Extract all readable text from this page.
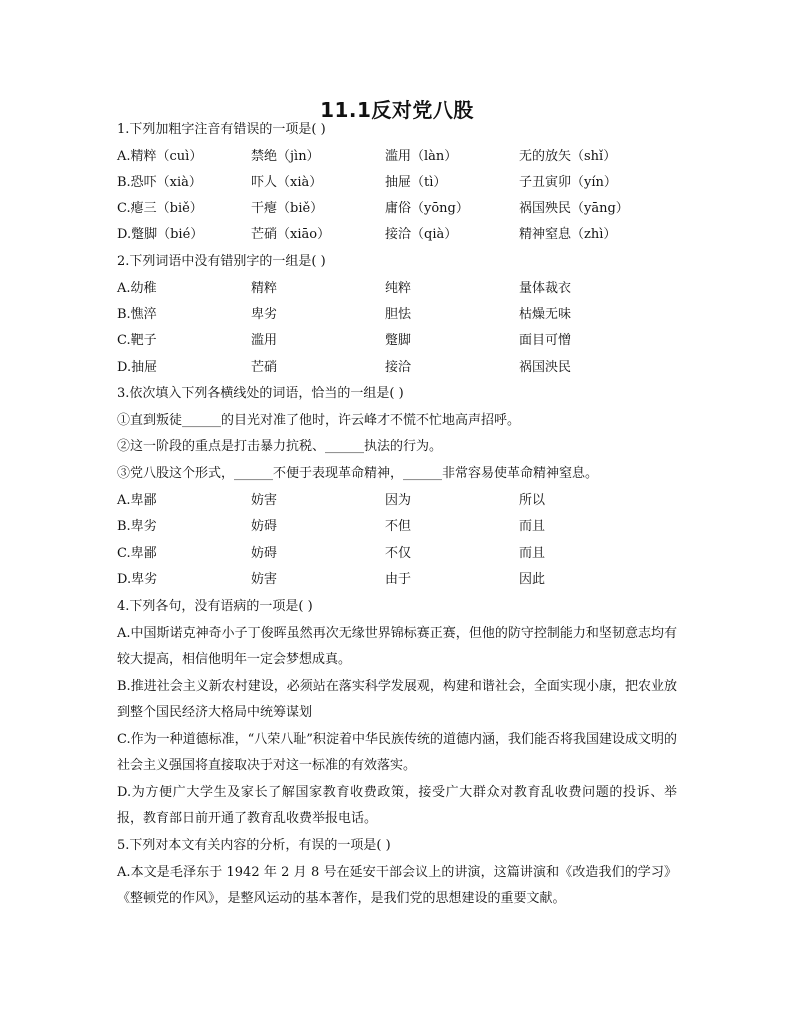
11.1反对党八股
1.下列加粗字注音有错误的一项是( )
A.精粹（cuì）	禁绝（jìn）	滥用（làn）	无的放矢（shǐ）
B.恐吓（xià）	吓人（xià）	抽屉（tì）	子丑寅卯（yín）
C.瘪三（biě）	干瘪（biě）	庸俗（yōng）	祸国殃民（yāng）
D.蹩脚（bié）	芒硝（xiāo）	接洽（qià）	精神窒息（zhì）
2.下列词语中没有错别字的一组是( )
A.幼稚	精粹	纯粹	量体裁衣
B.憔淬	卑劣	胆怯	枯燥无味
C.靶子	滥用	蹩脚	面目可憎
D.抽屉	芒硝	接洽	祸国泱民
3.依次填入下列各横线处的词语，恰当的一组是( )
①直到叛徒______的目光对准了他时，许云峰才不慌不忙地高声招呼。
②这一阶段的重点是打击暴力抗税、______执法的行为。
③党八股这个形式，______不便于表现革命精神，______非常容易使革命精神窒息。
A.卑鄙	妨害	因为	所以
B.卑劣	妨碍	不但	而且
C.卑鄙	妨碍	不仅	而且
D.卑劣	妨害	由于	因此
4.下列各句，没有语病的一项是( )
A.中国斯诺克神奇小子丁俊晖虽然再次无缘世界锦标赛正赛，但他的防守控制能力和坚韧意志均有较大提高，相信他明年一定会梦想成真。
B.推进社会主义新农村建设，必须站在落实科学发展观，构建和谐社会，全面实现小康，把农业放到整个国民经济大格局中统筹谋划
C.作为一种道德标准，“八荣八耻”积淀着中华民族传统的道德内涵，我们能否将我国建设成文明的社会主义强国将直接取决于对这一标准的有效落实。
D.为方便广大学生及家长了解国家教育收费政策，接受广大群众对教育乱收费问题的投诉、举报，教育部日前开通了教育乱收费举报电话。
5.下列对本文有关内容的分析，有误的一项是( )
A.本文是毛泽东于 1942 年 2 月 8 号在延安干部会议上的讲演，这篇讲演和《改造我们的学习》《整顿党的作风》，是整风运动的基本著作，是我们党的思想建设的重要文献。
